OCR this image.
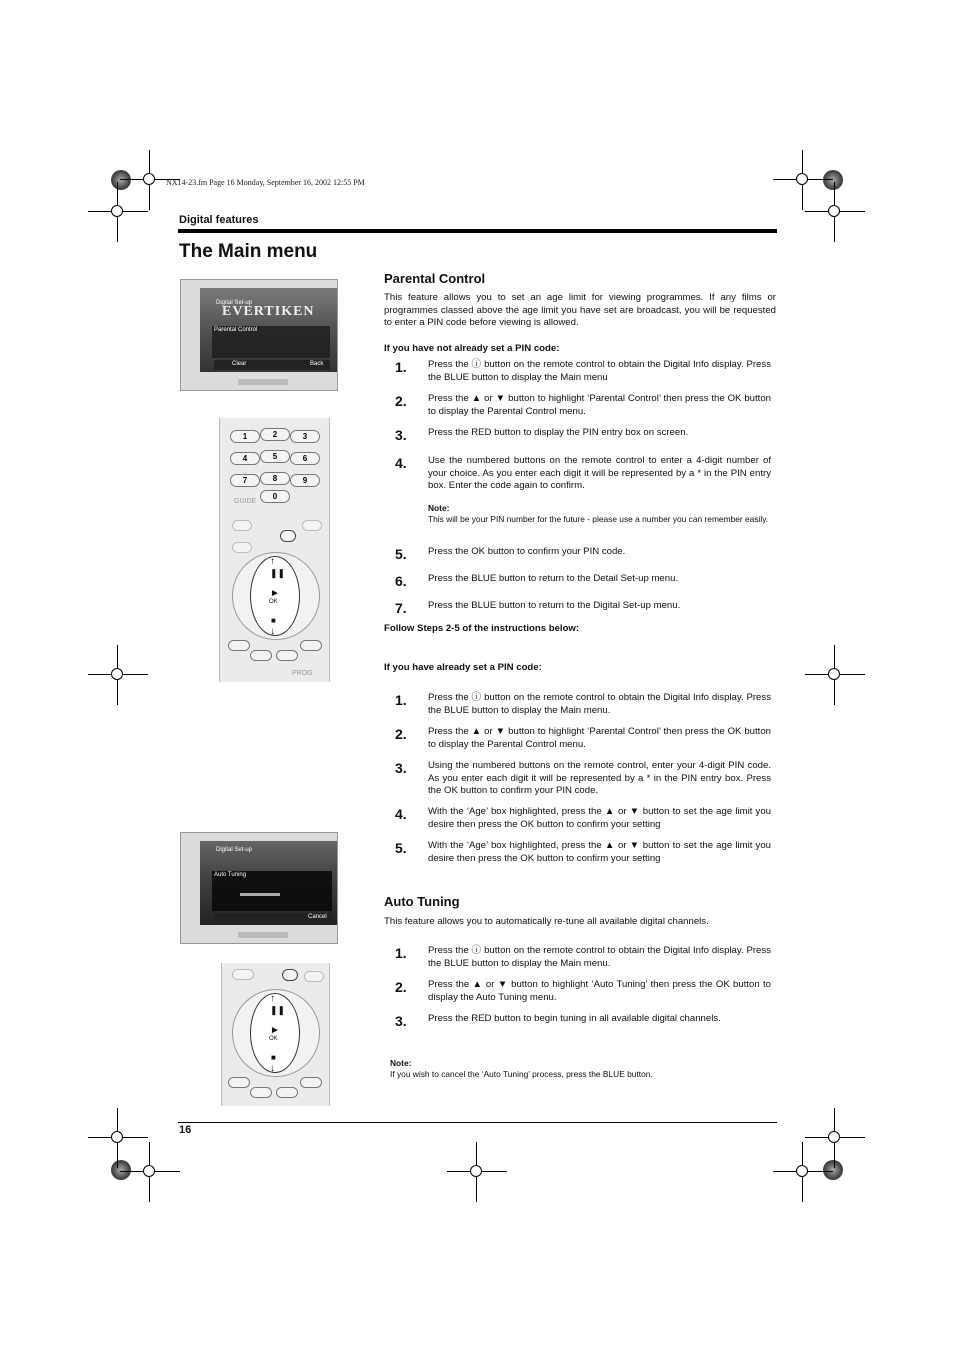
NX14-23.fm Page 16 Monday, September 16, 2002 12:55 PM
Digital features
The Main menu
Digital Set-up
EVERTIKEN
Parental Control
Clear	Back
1	2	3
4	5	6
7	8	9
0
GUIDE
↑
❚❚
►
OK
■
↓
PROG
Digital Set-up
Auto Tuning
Cancel
↑
❚❚
►
OK
■
↓
Parental Control
This feature allows you to set an age limit for viewing programmes. If any films or programmes classed above the age limit you have set are broadcast, you will be requested to enter a PIN code before viewing is allowed.
If you have not already set a PIN code:
1. Press the ⓘ button on the remote control to obtain the Digital Info display. Press the BLUE button to display the Main menu
2. Press the ▲ or ▼ button to highlight ‘Parental Control’ then press the OK button to display the Parental Control menu.
3. Press the RED button to display the PIN entry box on screen.
4. Use the numbered buttons on the remote control to enter a 4-digit number of your choice. As you enter each digit it will be represented by a * in the PIN entry box. Enter the code again to confirm.
Note:
This will be your PIN number for the future - please use a number you can remember easily.
5. Press the OK button to confirm your PIN code.
6. Press the BLUE button to return to the Detail Set-up menu.
7. Press the BLUE button to return to the Digital Set-up menu.
Follow Steps 2-5 of the instructions below:
If you have already set a PIN code:
1. Press the ⓘ button on the remote control to obtain the Digital Info display. Press the BLUE button to display the Main menu.
2. Press the ▲ or ▼ button to highlight ‘Parental Control’ then press the OK button to display the Parental Control menu.
3. Using the numbered buttons on the remote control, enter your 4-digit PIN code. As you enter each digit it will be represented by a * in the PIN entry box. Press the OK button to confirm your PIN code.
4. With the ‘Age’ box highlighted, press the ▲ or ▼ button to set the age limit you desire then press the OK button to confirm your setting
5. With the ‘Age’ box highlighted, press the ▲ or ▼ button to set the age limit you desire then press the OK button to confirm your setting
Auto Tuning
This feature allows you to automatically re-tune all available digital channels.
1. Press the ⓘ button on the remote control to obtain the Digital Info display. Press the BLUE button to display the Main menu.
2. Press the ▲ or ▼ button to highlight ‘Auto Tuning’ then press the OK button to display the Auto Tuning menu.
3. Press the RED button to begin tuning in all available digital channels.
Note:
If you wish to cancel the ‘Auto Tuning’ process, press the BLUE button.
16
